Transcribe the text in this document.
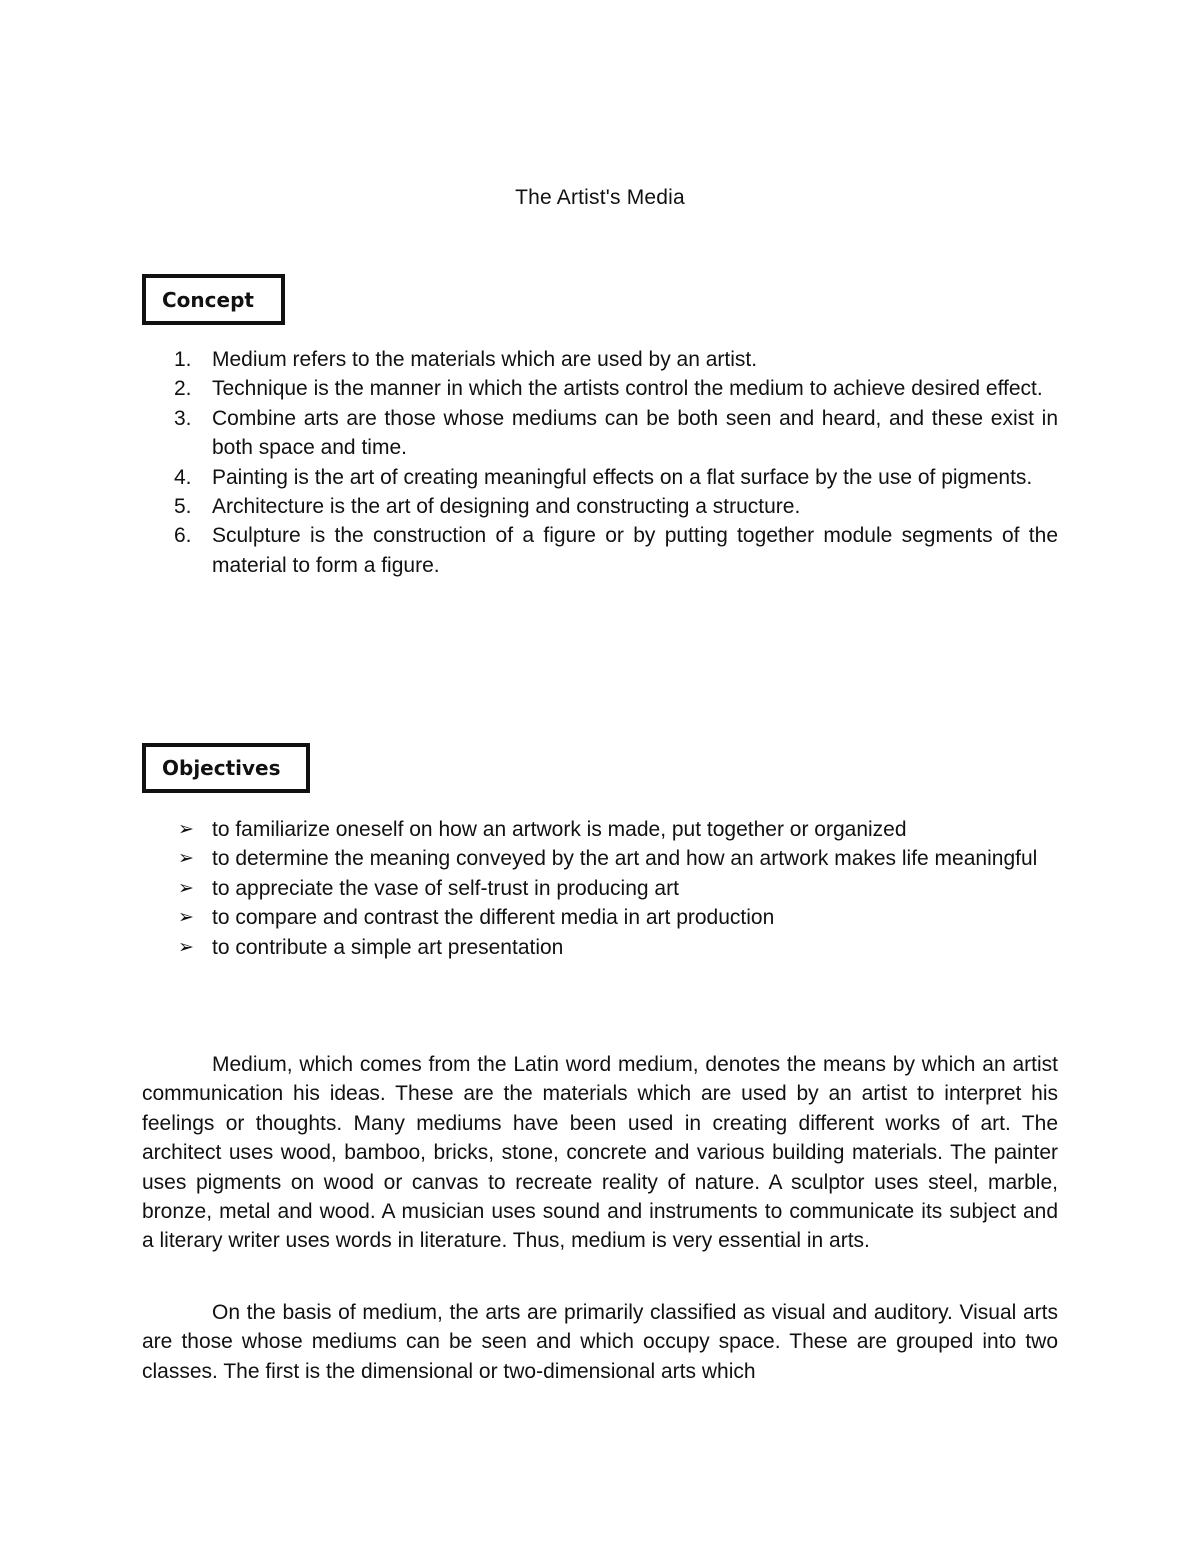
The Artist's Media
Concept
1. Medium refers to the materials which are used by an artist.
2. Technique is the manner in which the artists control the medium to achieve desired effect.
3. Combine arts are those whose mediums can be both seen and heard, and these exist in both space and time.
4. Painting is the art of creating meaningful effects on a flat surface by the use of pigments.
5. Architecture is the art of designing and constructing a structure.
6. Sculpture is the construction of a figure or by putting together module segments of the material to form a figure.
Objectives
➢ to familiarize oneself on how an artwork is made, put together or organized
➢ to determine the meaning conveyed by the art and how an artwork makes life meaningful
➢ to appreciate the vase of self-trust in producing art
➢ to compare and contrast the different media in art production
➢ to contribute a simple art presentation

Medium, which comes from the Latin word medium, denotes the means by which an artist communication his ideas. These are the materials which are used by an artist to interpret his feelings or thoughts. Many mediums have been used in creating different works of art. The architect uses wood, bamboo, bricks, stone, concrete and various building materials. The painter uses pigments on wood or canvas to recreate reality of nature. A sculptor uses steel, marble, bronze, metal and wood. A musician uses sound and instruments to communicate its subject and a literary writer uses words in literature. Thus, medium is very essential in arts.

On the basis of medium, the arts are primarily classified as visual and auditory. Visual arts are those whose mediums can be seen and which occupy space. These are grouped into two classes. The first is the dimensional or two-dimensional arts which
